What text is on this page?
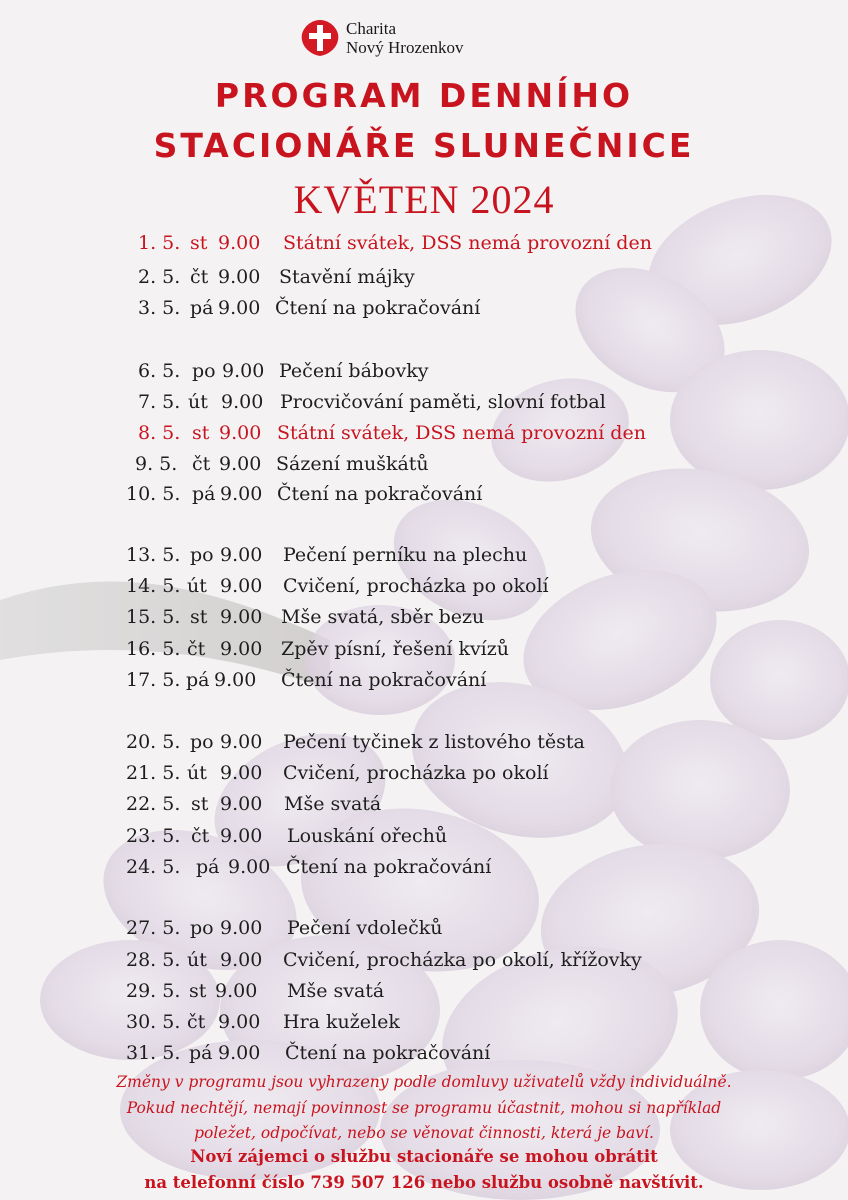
Charita
Nový Hrozenkov
PROGRAM DENNÍHO
STACIONÁŘE SLUNEČNICE
KVĚTEN 2024
1. 5. st 9.00 Státní svátek, DSS nemá provozní den
2. 5. čt 9.00 Stavění májky
3. 5. pá 9.00 Čtení na pokračování
6. 5. po 9.00 Pečení bábovky
7. 5. út 9.00 Procvičování paměti, slovní fotbal
8. 5. st 9.00 Státní svátek, DSS nemá provozní den
9. 5. čt 9.00 Sázení muškátů
10. 5. pá 9.00 Čtení na pokračování
13. 5. po 9.00 Pečení perníku na plechu
14. 5. út 9.00 Cvičení, procházka po okolí
15. 5. st 9.00 Mše svatá, sběr bezu
16. 5. čt 9.00 Zpěv písní, řešení kvízů
17. 5. pá 9.00 Čtení na pokračování
20. 5. po 9.00 Pečení tyčinek z listového těsta
21. 5. út 9.00 Cvičení, procházka po okolí
22. 5. st 9.00 Mše svatá
23. 5. čt 9.00 Louskání ořechů
24. 5. pá 9.00 Čtení na pokračování
27. 5. po 9.00 Pečení vdolečků
28. 5. út 9.00 Cvičení, procházka po okolí, křížovky
29. 5. st 9.00 Mše svatá
30. 5. čt 9.00 Hra kuželek
31. 5. pá 9.00 Čtení na pokračování
Změny v programu jsou vyhrazeny podle domluvy uživatelů vždy individuálně.
Pokud nechtějí, nemají povinnost se programu účastnit, mohou si například
poležet, odpočívat, nebo se věnovat činnosti, která je baví.
Noví zájemci o službu stacionáře se mohou obrátit
na telefonní číslo 739 507 126 nebo službu osobně navštívit.
